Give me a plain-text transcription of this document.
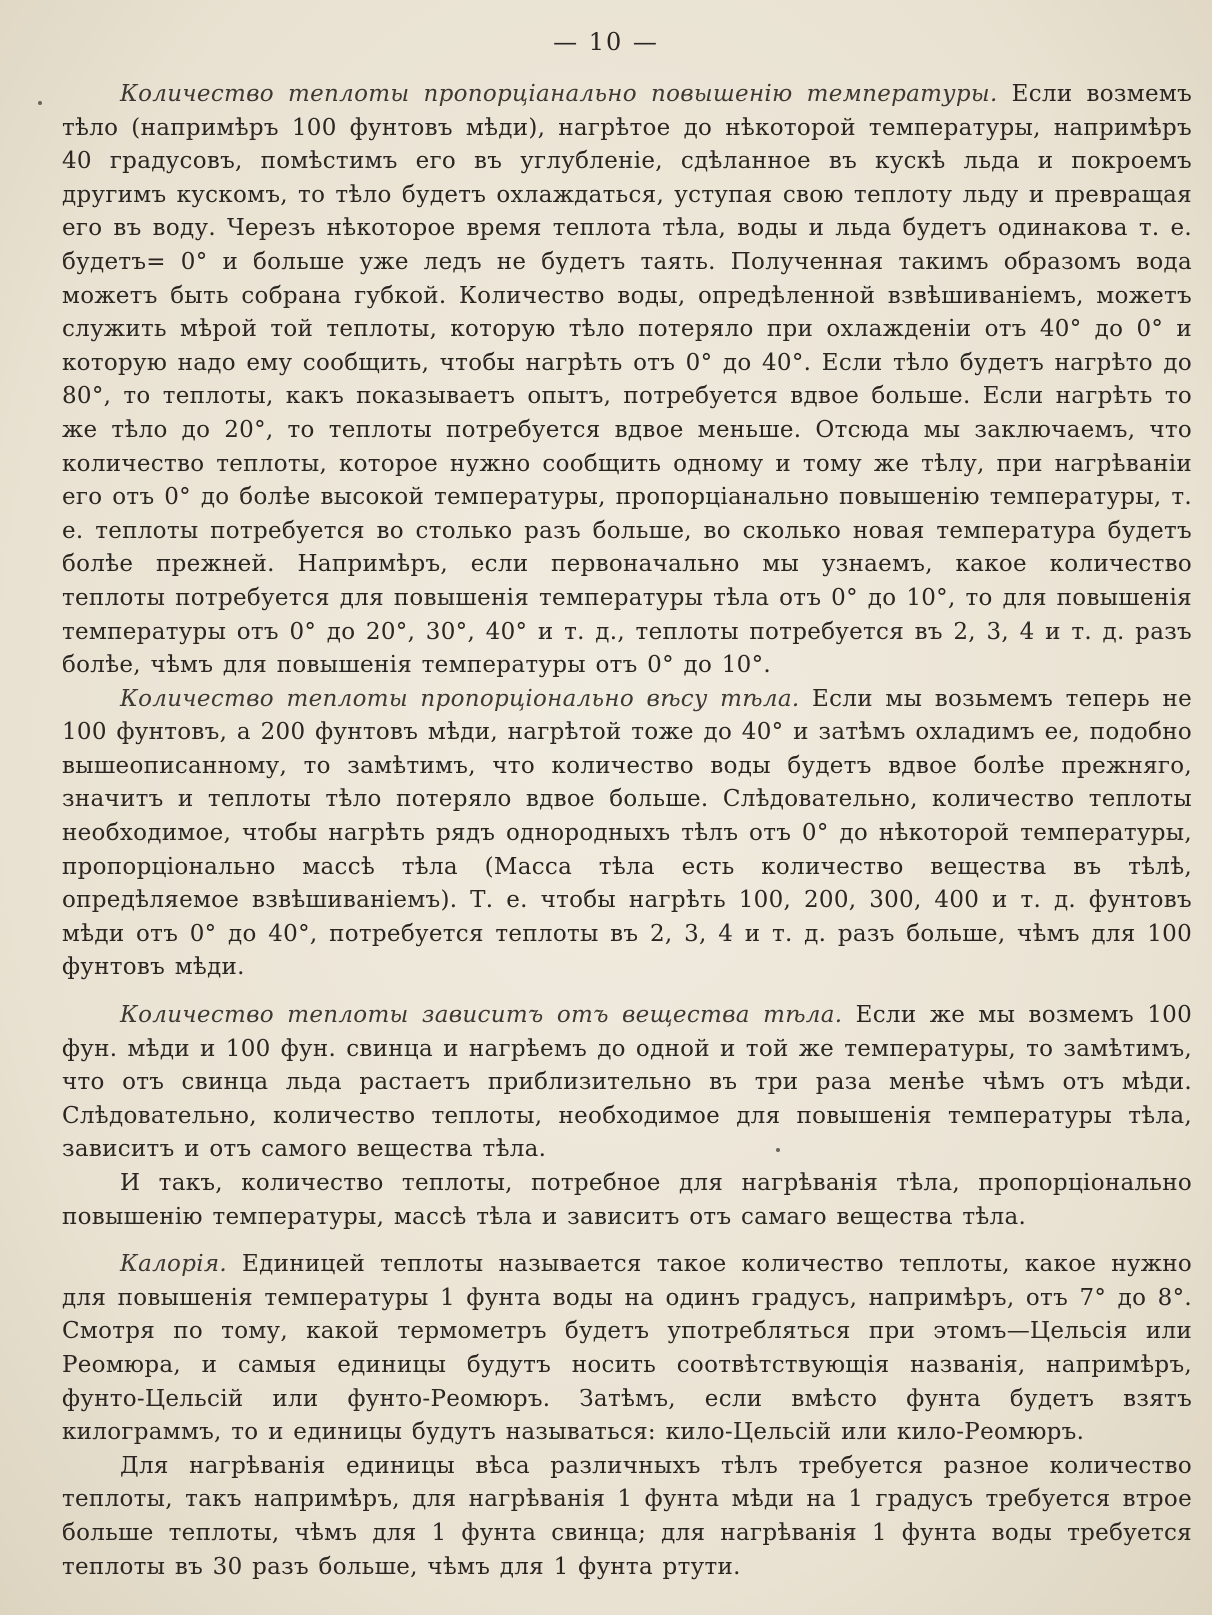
— 10 —

Количество теплоты пропорціанально повышенію температуры. Если возмемъ тѣло (напримѣръ 100 фунтовъ мѣди), нагрѣтое до нѣкоторой температуры, напримѣръ 40 градусовъ, помѣстимъ его въ углубленіе, сдѣланное въ кускѣ льда и покроемъ другимъ кускомъ, то тѣло будетъ охлаждаться, уступая свою теплоту льду и превращая его въ воду. Черезъ нѣкоторое время теплота тѣла, воды и льда будетъ одинакова т. е. будетъ= 0° и больше уже ледъ не будетъ таять. Полученная такимъ образомъ вода можетъ быть собрана губкой. Количество воды, опредѣленной взвѣшиваніемъ, можетъ служить мѣрой той теплоты, которую тѣло потеряло при охлажденіи отъ 40° до 0° и которую надо ему сообщить, чтобы нагрѣть отъ 0° до 40°. Если тѣло будетъ нагрѣто до 80°, то теплоты, какъ показываетъ опытъ, потребуется вдвое больше. Если нагрѣть то же тѣло до 20°, то теплоты потребуется вдвое меньше. Отсюда мы заключаемъ, что количество теплоты, которое нужно сообщить одному и тому же тѣлу, при нагрѣваніи его отъ 0° до болѣе высокой температуры, пропорціанально повышенію температуры, т. е. теплоты потребуется во столько разъ больше, во сколько новая температура будетъ болѣе прежней. Напримѣръ, если первоначально мы узнаемъ, какое количество теплоты потребуется для повышенія температуры тѣла отъ 0° до 10°, то для повышенія температуры отъ 0° до 20°, 30°, 40° и т. д., теплоты потребуется въ 2, 3, 4 и т. д. разъ болѣе, чѣмъ для повышенія температуры отъ 0° до 10°.

Количество теплоты пропорціонально вѣсу тѣла. Если мы возьмемъ теперь не 100 фунтовъ, а 200 фунтовъ мѣди, нагрѣтой тоже до 40° и затѣмъ охладимъ ее, подобно вышеописанному, то замѣтимъ, что количество воды будетъ вдвое болѣе прежняго, значитъ и теплоты тѣло потеряло вдвое больше. Слѣдовательно, количество теплоты необходимое, чтобы нагрѣть рядъ однородныхъ тѣлъ отъ 0° до нѣкоторой температуры, пропорціонально массѣ тѣла (Масса тѣла есть количество вещества въ тѣлѣ, опредѣляемое взвѣшиваніемъ). Т. е. чтобы нагрѣть 100, 200, 300, 400 и т. д. фунтовъ мѣди отъ 0° до 40°, потребуется теплоты въ 2, 3, 4 и т. д. разъ больше, чѣмъ для 100 фунтовъ мѣди.

Количество теплоты зависитъ отъ вещества тѣла. Если же мы возмемъ 100 фун. мѣди и 100 фун. свинца и нагрѣемъ до одной и той же температуры, то замѣтимъ, что отъ свинца льда растаетъ приблизительно въ три раза менѣе чѣмъ отъ мѣди. Слѣдовательно, количество теплоты, необходимое для повышенія температуры тѣла, зависитъ и отъ самого вещества тѣла.

И такъ, количество теплоты, потребное для нагрѣванія тѣла, пропорціонально повышенію температуры, массѣ тѣла и зависитъ отъ самаго вещества тѣла.

Калорія. Единицей теплоты называется такое количество теплоты, какое нужно для повышенія температуры 1 фунта воды на одинъ градусъ, напримѣръ, отъ 7° до 8°. Смотря по тому, какой термометръ будетъ употребляться при этомъ—Цельсія или Реомюра, и самыя единицы будутъ носить соотвѣтствующія названія, напримѣръ, фунто-Цельсій или фунто-Реомюръ. Затѣмъ, если вмѣсто фунта будетъ взятъ килограммъ, то и единицы будутъ называться: кило-Цельсій или кило-Реомюръ.

Для нагрѣванія единицы вѣса различныхъ тѣлъ требуется разное количество теплоты, такъ напримѣръ, для нагрѣванія 1 фунта мѣди на 1 градусъ требуется втрое больше теплоты, чѣмъ для 1 фунта свинца; для нагрѣванія 1 фунта воды требуется теплоты въ 30 разъ больше, чѣмъ для 1 фунта ртути.
